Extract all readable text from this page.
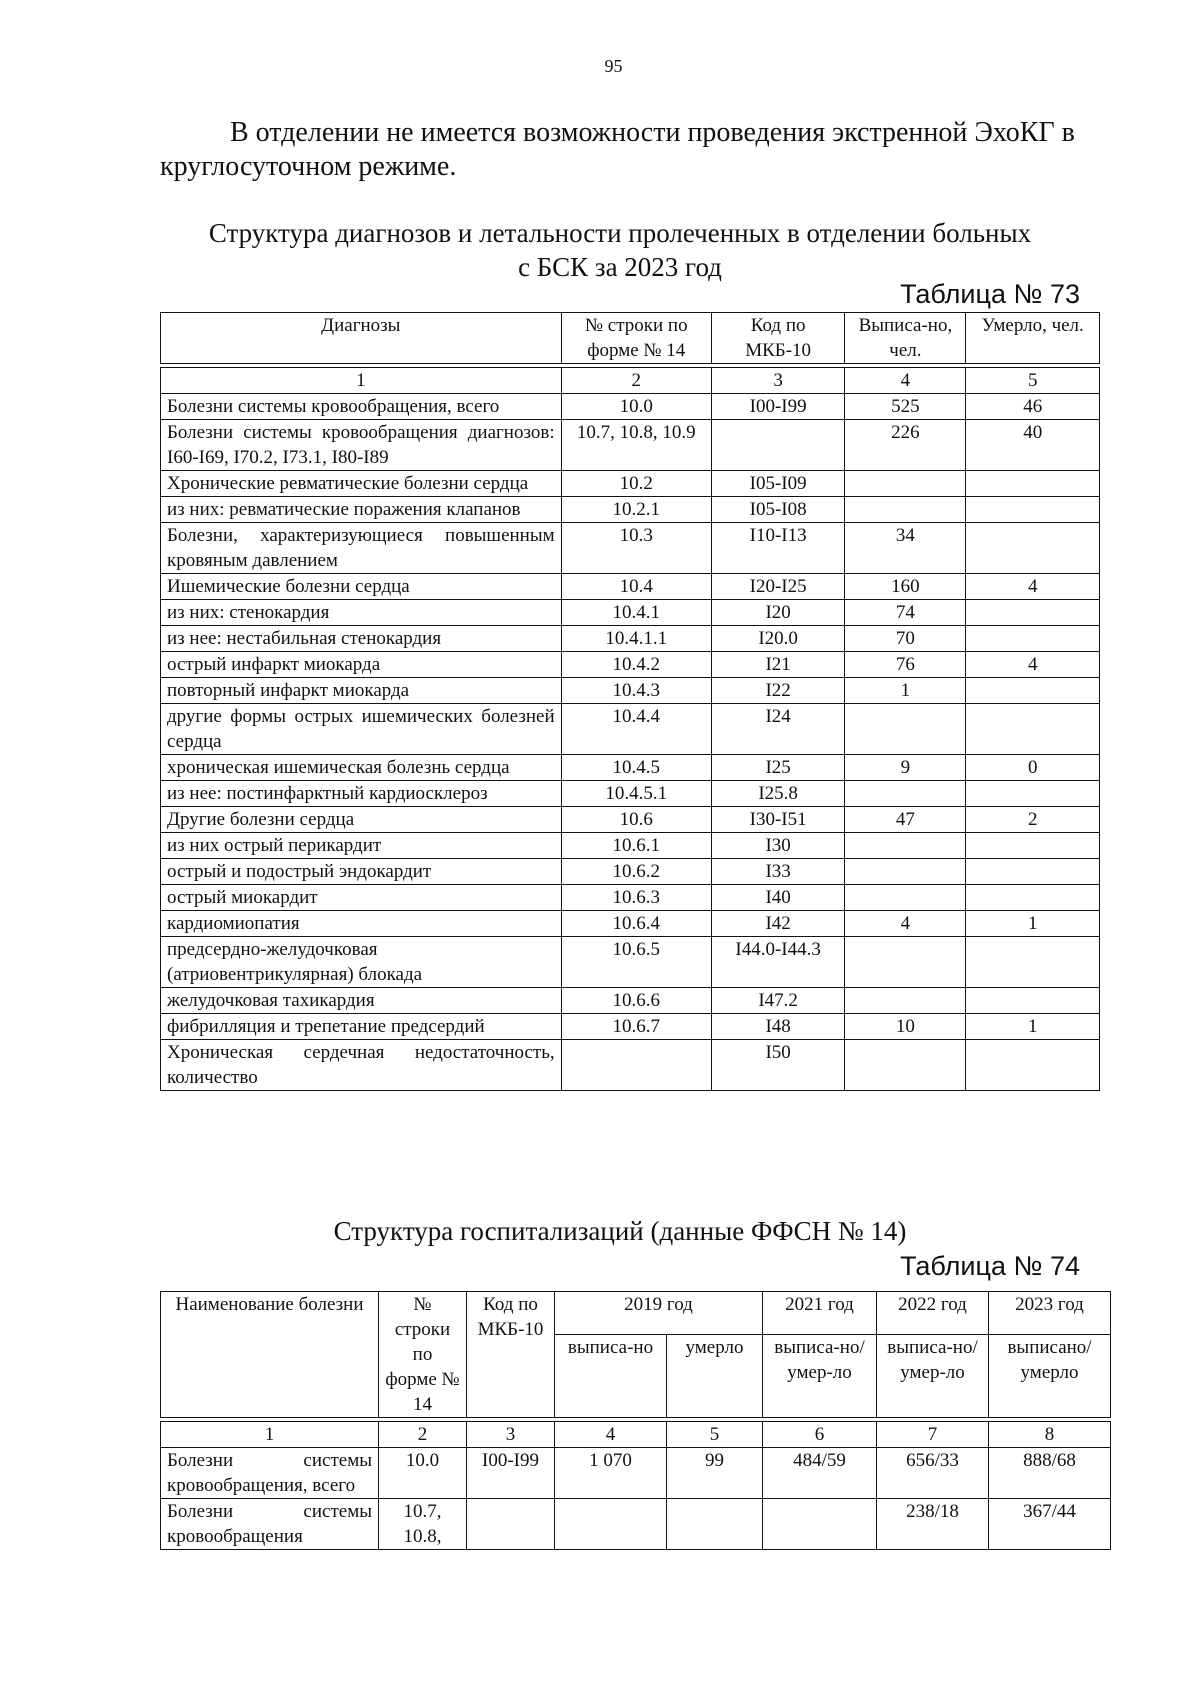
95
В отделении не имеется возможности проведения экстренной ЭхоКГ в круглосуточном режиме.
Структура диагнозов и летальности пролеченных в отделении больных
с БСК за 2023 год
Таблица № 73
Диагнозы	№ строки по форме № 14	Код по МКБ-10	Выписа-но, чел.	Умерло, чел.

1	2	3	4	5
Болезни системы кровообращения, всего	10.0	I00-I99	525	46
Болезни системы кровообращения диагнозов: I60-I69, I70.2, I73.1, I80-I89	10.7, 10.8, 10.9		226	40
Хронические ревматические болезни сердца	10.2	I05-I09		
из них: ревматические поражения клапанов	10.2.1	I05-I08		
Болезни, характеризующиеся повышенным кровяным давлением	10.3	I10-I13	34	
Ишемические болезни сердца	10.4	I20-I25	160	4
из них: стенокардия	10.4.1	I20	74	
из нее: нестабильная стенокардия	10.4.1.1	I20.0	70	
острый инфаркт миокарда	10.4.2	I21	76	4
повторный инфаркт миокарда	10.4.3	I22	1	
другие формы острых ишемических болезней сердца	10.4.4	I24		
хроническая ишемическая болезнь сердца	10.4.5	I25	9	0
из нее: постинфарктный кардиосклероз	10.4.5.1	I25.8		
Другие болезни сердца	10.6	I30-I51	47	2
из них острый перикардит	10.6.1	I30		
острый и подострый эндокардит	10.6.2	I33		
острый миокардит	10.6.3	I40		
кардиомиопатия	10.6.4	I42	4	1
предсердно-желудочковая (атриовентрикулярная) блокада	10.6.5	I44.0-I44.3		
желудочковая тахикардия	10.6.6	I47.2		
фибрилляция и трепетание предсердий	10.6.7	I48	10	1
Хроническая сердечная недостаточность, количество		I50		
Структура госпитализаций (данные ФФСН № 14)
Таблица № 74
Наименование болезни	№ строки по форме № 14	Код по МКБ-10	2019 год		2021 год	2022 год	2023 год
			выписа-но	умерло	выписа-но/умер-ло	выписа-но/умер-ло	выписано/ умерло

1	2	3	4	5	6	7	8
Болезни системы кровообращения, всего	10.0	I00-I99	1 070	99	484/59	656/33	888/68
Болезни системы кровообращения	10.7, 10.8,					238/18	367/44
